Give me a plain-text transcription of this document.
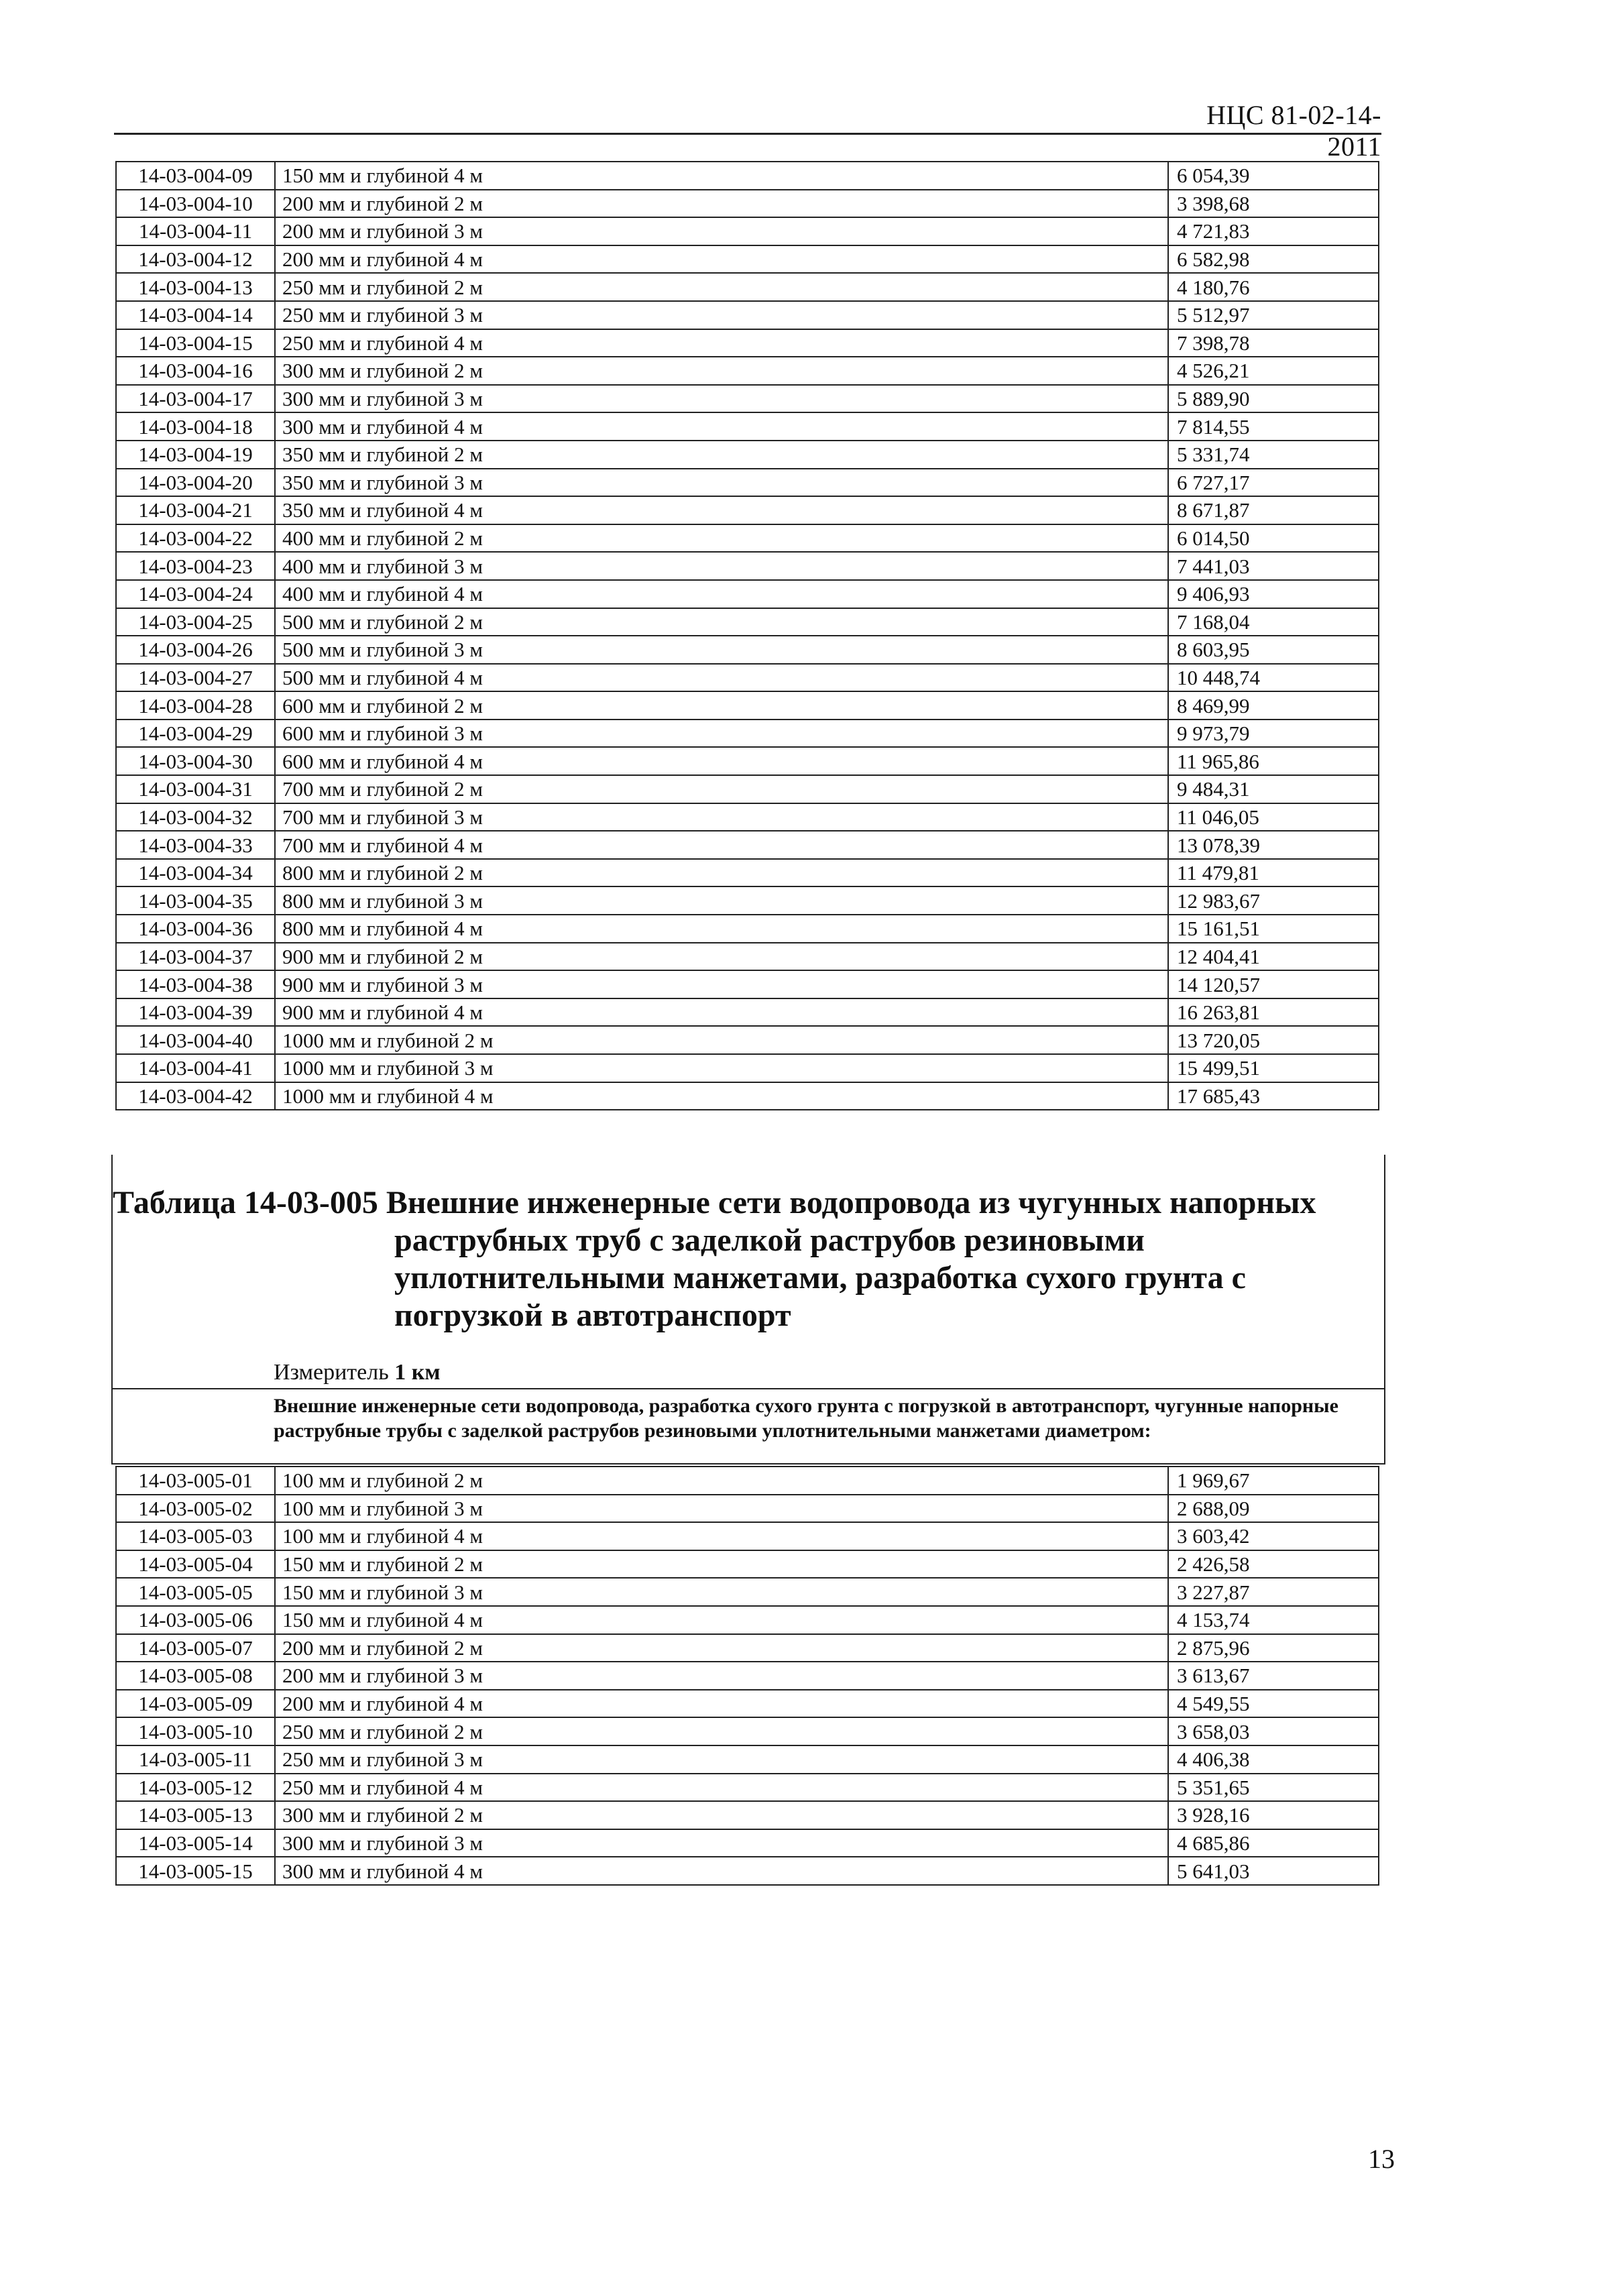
НЦС 81-02-14-2011
14-03-004-09	150 мм и глубиной 4 м	6 054,39
14-03-004-10	200 мм и глубиной 2 м	3 398,68
14-03-004-11	200 мм и глубиной 3 м	4 721,83
14-03-004-12	200 мм и глубиной 4 м	6 582,98
14-03-004-13	250 мм и глубиной 2 м	4 180,76
14-03-004-14	250 мм и глубиной 3 м	5 512,97
14-03-004-15	250 мм и глубиной 4 м	7 398,78
14-03-004-16	300 мм и глубиной 2 м	4 526,21
14-03-004-17	300 мм и глубиной 3 м	5 889,90
14-03-004-18	300 мм и глубиной 4 м	7 814,55
14-03-004-19	350 мм и глубиной 2 м	5 331,74
14-03-004-20	350 мм и глубиной 3 м	6 727,17
14-03-004-21	350 мм и глубиной 4 м	8 671,87
14-03-004-22	400 мм и глубиной 2 м	6 014,50
14-03-004-23	400 мм и глубиной 3 м	7 441,03
14-03-004-24	400 мм и глубиной 4 м	9 406,93
14-03-004-25	500 мм и глубиной 2 м	7 168,04
14-03-004-26	500 мм и глубиной 3 м	8 603,95
14-03-004-27	500 мм и глубиной 4 м	10 448,74
14-03-004-28	600 мм и глубиной 2 м	8 469,99
14-03-004-29	600 мм и глубиной 3 м	9 973,79
14-03-004-30	600 мм и глубиной 4 м	11 965,86
14-03-004-31	700 мм и глубиной 2 м	9 484,31
14-03-004-32	700 мм и глубиной 3 м	11 046,05
14-03-004-33	700 мм и глубиной 4 м	13 078,39
14-03-004-34	800 мм и глубиной 2 м	11 479,81
14-03-004-35	800 мм и глубиной 3 м	12 983,67
14-03-004-36	800 мм и глубиной 4 м	15 161,51
14-03-004-37	900 мм и глубиной 2 м	12 404,41
14-03-004-38	900 мм и глубиной 3 м	14 120,57
14-03-004-39	900 мм и глубиной 4 м	16 263,81
14-03-004-40	1000 мм и глубиной 2 м	13 720,05
14-03-004-41	1000 мм и глубиной 3 м	15 499,51
14-03-004-42	1000 мм и глубиной 4 м	17 685,43
Таблица 14-03-005 Внешние инженерные сети водопровода из чугунных напорных
раструбных труб с заделкой раструбов резиновыми уплотнительными манжетами, разработка сухого грунта с погрузкой в автотранспорт
Измеритель 1 км
Внешние инженерные сети водопровода, разработка сухого грунта с погрузкой в автотранспорт, чугунные напорные раструбные трубы с заделкой раструбов резиновыми уплотнительными манжетами диаметром:
14-03-005-01	100 мм и глубиной 2 м	1 969,67
14-03-005-02	100 мм и глубиной 3 м	2 688,09
14-03-005-03	100 мм и глубиной 4 м	3 603,42
14-03-005-04	150 мм и глубиной 2 м	2 426,58
14-03-005-05	150 мм и глубиной 3 м	3 227,87
14-03-005-06	150 мм и глубиной 4 м	4 153,74
14-03-005-07	200 мм и глубиной 2 м	2 875,96
14-03-005-08	200 мм и глубиной 3 м	3 613,67
14-03-005-09	200 мм и глубиной 4 м	4 549,55
14-03-005-10	250 мм и глубиной 2 м	3 658,03
14-03-005-11	250 мм и глубиной 3 м	4 406,38
14-03-005-12	250 мм и глубиной 4 м	5 351,65
14-03-005-13	300 мм и глубиной 2 м	3 928,16
14-03-005-14	300 мм и глубиной 3 м	4 685,86
14-03-005-15	300 мм и глубиной 4 м	5 641,03
13
